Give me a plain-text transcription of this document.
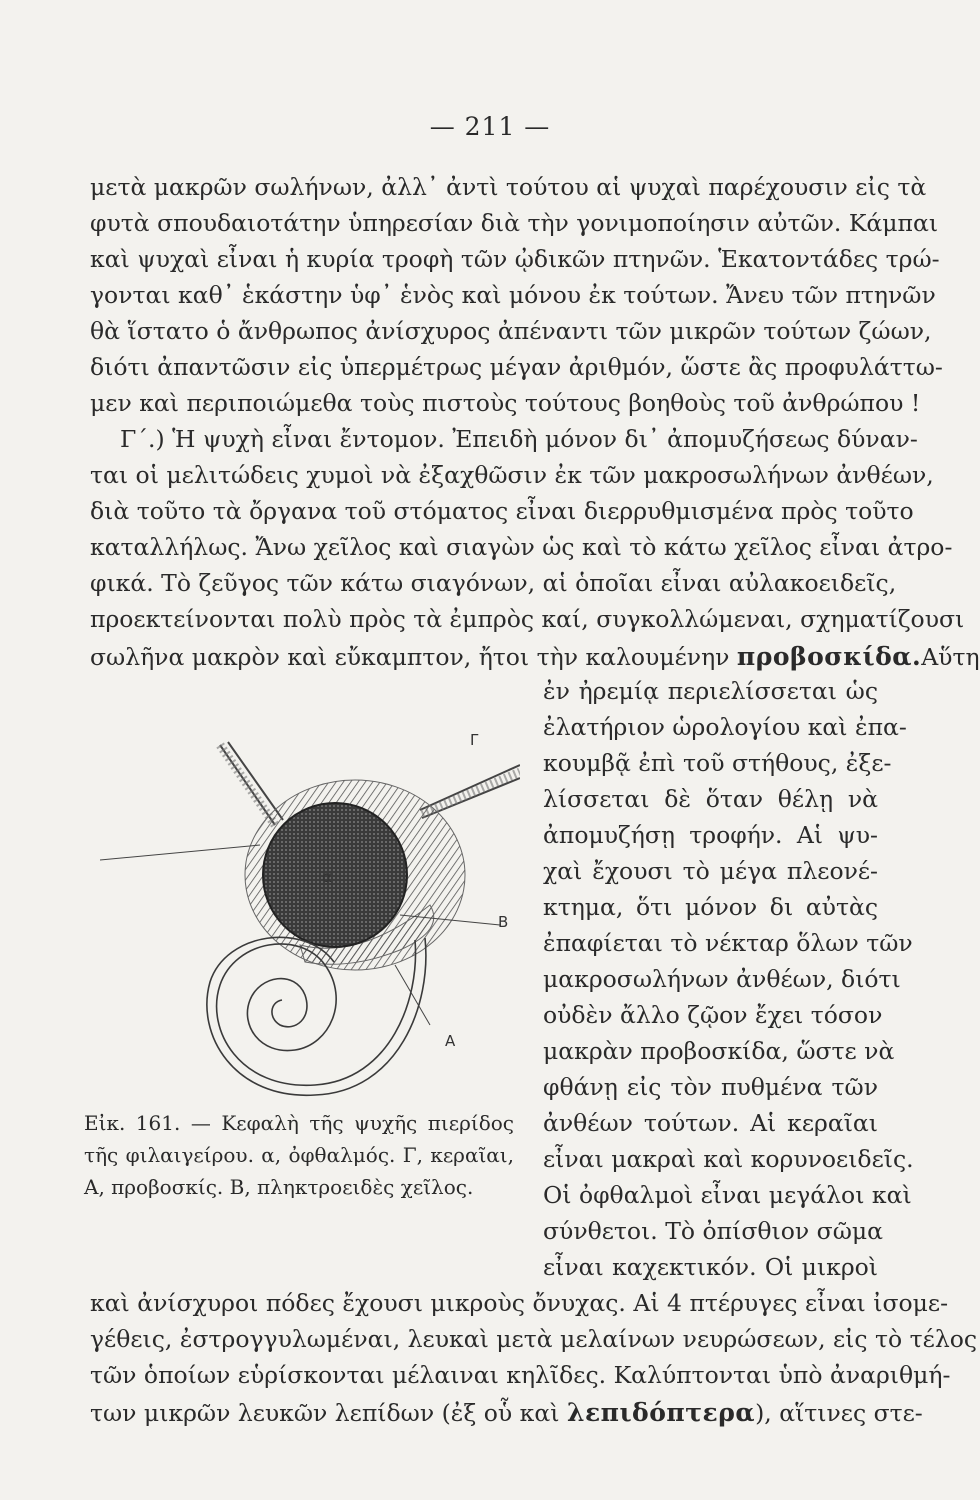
— 211 —
μετὰ μακρῶν σωλήνων, ἀλλ᾽ ἀντὶ τούτου αἱ ψυχαὶ παρέχουσιν εἰς τὰ
φυτὰ σπουδαιοτάτην ὑπηρεσίαν διὰ τὴν γονιμοποίησιν αὐτῶν. Κάμπαι
καὶ ψυχαὶ εἶναι ἡ κυρία τροφὴ τῶν ᾠδικῶν πτηνῶν. Ἑκατοντάδες τρώ-
γονται καθ᾽ ἑκάστην ὑφ᾽ ἑνὸς καὶ μόνου ἐκ τούτων. Ἄνευ τῶν πτηνῶν
θὰ ἵστατο ὁ ἄνθρωπος ἀνίσχυρος ἀπέναντι τῶν μικρῶν τούτων ζώων,
διότι ἀπαντῶσιν εἰς ὑπερμέτρως μέγαν ἀριθμόν, ὥστε ἂς προφυλάττω-
μεν καὶ περιποιώμεθα τοὺς πιστοὺς τούτους βοηθοὺς τοῦ ἀνθρώπου !
Γ΄.) Ἡ ψυχὴ εἶναι ἔντομον. Ἐπειδὴ μόνον δι᾽ ἀπομυζήσεως δύναν-
ται οἱ μελιτώδεις χυμοὶ νὰ ἐξαχθῶσιν ἐκ τῶν μακροσωλήνων ἀνθέων,
διὰ τοῦτο τὰ ὄργανα τοῦ στόματος εἶναι διερρυθμισμένα πρὸς τοῦτο
καταλλήλως. Ἄνω χεῖλος καὶ σιαγὼν ὡς καὶ τὸ κάτω χεῖλος εἶναι ἀτρο-
φικά. Τὸ ζεῦγος τῶν κάτω σιαγόνων, αἱ ὁποῖαι εἶναι αὐλακοειδεῖς,
προεκτείνονται πολὺ πρὸς τὰ ἐμπρὸς καί, συγκολλώμεναι, σχηματίζουσι
σωλῆνα μακρὸν καὶ εὔκαμπτον, ἤτοι τὴν καλουμένην προβοσκίδα.Αὕτη
α
Γ
Β
Α
Εἰκ. 161. — Κεφαλὴ τῆς ψυχῆς πιερίδος τῆς φιλαιγείρου. α, ὀφθαλμός. Γ, κεραῖαι, Α, προβοσκίς. Β, πληκτροειδὲς χεῖλος.
ἐν ἠρεμίᾳ περιελίσσεται ὡς
ἐλατήριον ὡρολογίου καὶ ἐπα-
κουμβᾷ ἐπὶ τοῦ στήθους, ἐξε-
λίσσεται δὲ ὅταν θέλῃ νὰ
ἀπομυζήσῃ τροφήν. Αἱ ψυ-
χαὶ ἔχουσι τὸ μέγα πλεονέ-
κτημα, ὅτι μόνον δι αὐτὰς
ἐπαφίεται τὸ νέκταρ ὅλων τῶν
μακροσωλήνων ἀνθέων, διότι
οὐδὲν ἄλλο ζῷον ἔχει τόσον
μακρὰν προβοσκίδα, ὥστε νὰ
φθάνῃ εἰς τὸν πυθμένα τῶν
ἀνθέων τούτων. Αἱ κεραῖαι
εἶναι μακραὶ καὶ κορυνοειδεῖς.
Οἱ ὀφθαλμοὶ εἶναι μεγάλοι καὶ
σύνθετοι. Τὸ ὀπίσθιον σῶμα
εἶναι καχεκτικόν. Οἱ μικροὶ
καὶ ἀνίσχυροι πόδες ἔχουσι μικροὺς ὄνυχας. Αἱ 4 πτέρυγες εἶναι ἰσομε-
γέθεις, ἐστρογγυλωμέναι, λευκαὶ μετὰ μελαίνων νευρώσεων, εἰς τὸ τέλος
τῶν ὁποίων εὑρίσκονται μέλαιναι κηλῖδες. Καλύπτονται ὑπὸ ἀναριθμή-
των μικρῶν λευκῶν λεπίδων (ἐξ οὗ καὶ λεπιδόπτερα), αἵτινες στε-
